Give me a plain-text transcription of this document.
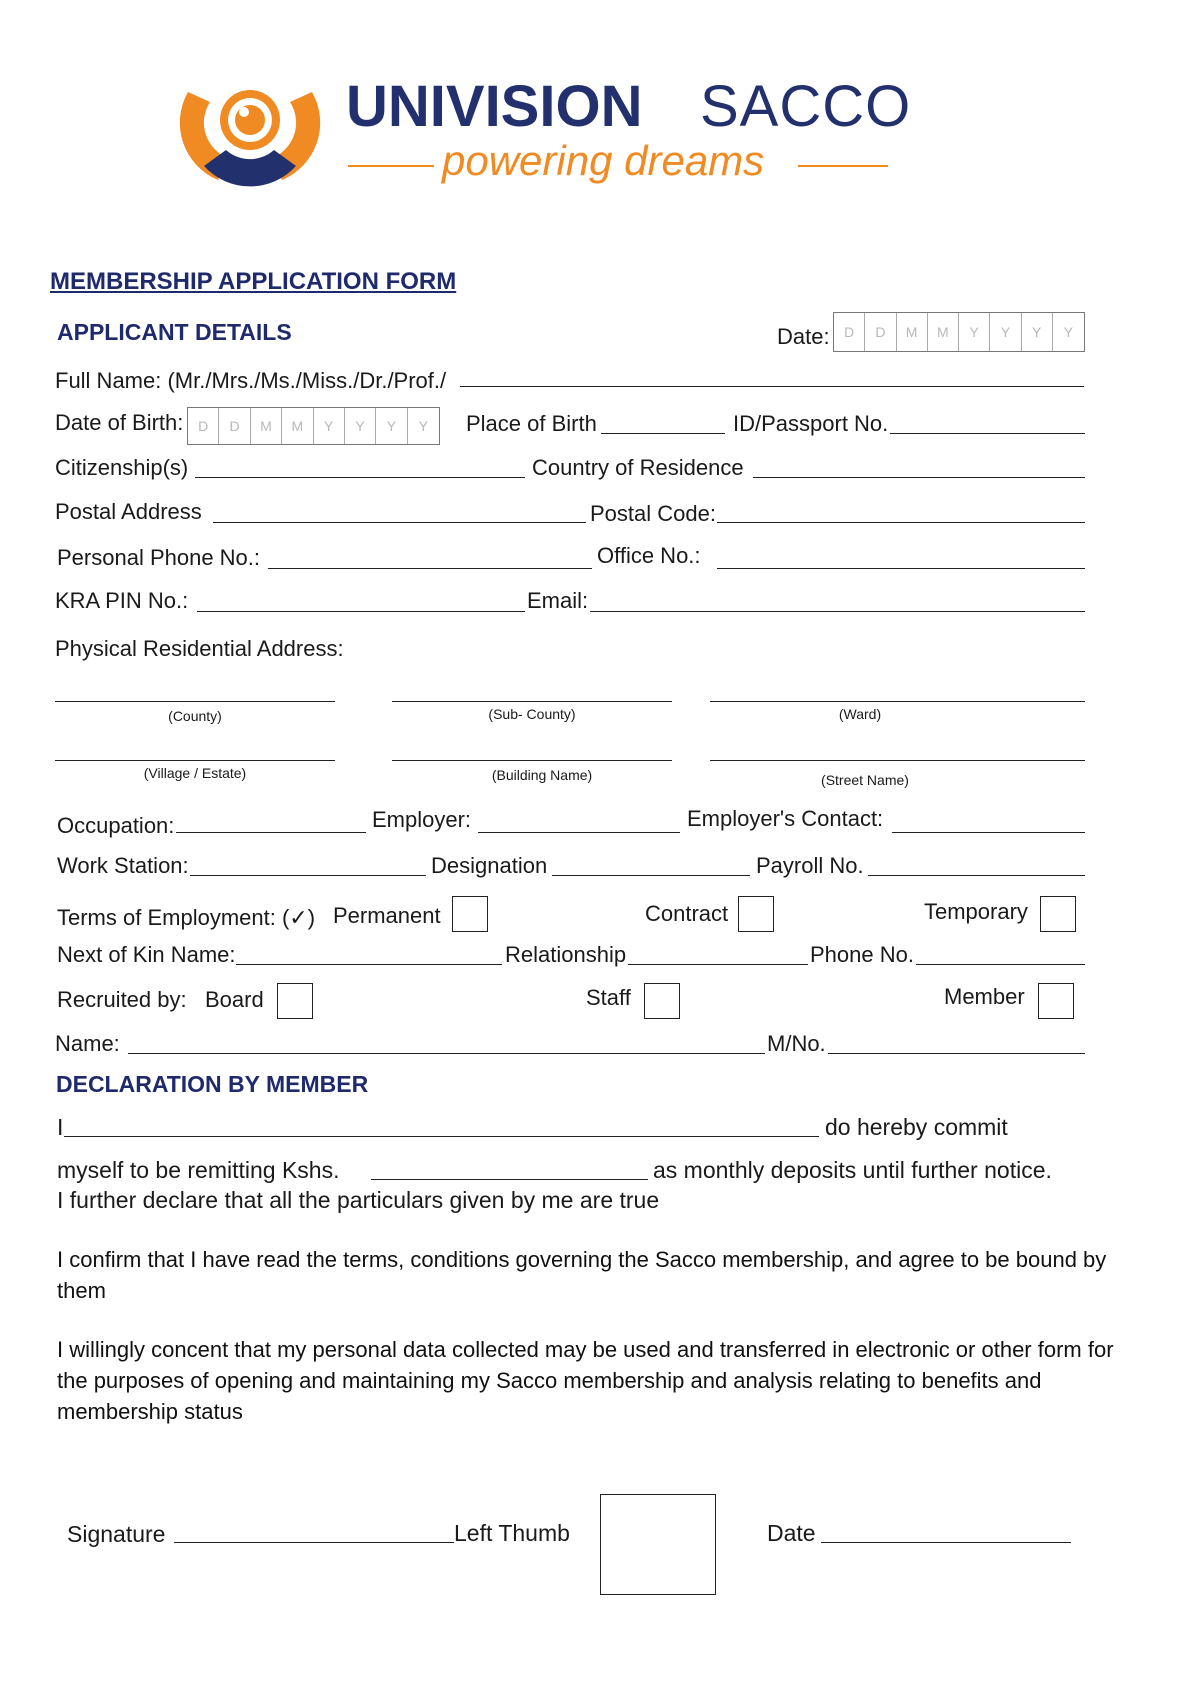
UNIVISION SACCO
powering dreams
MEMBERSHIP APPLICATION FORM
APPLICANT DETAILS	Date:	D	D	M	M	Y	Y	Y	Y
Full Name: (Mr./Mrs./Ms./Miss./Dr./Prof./
Date of Birth:	D	D	M	M	Y	Y	Y	Y	Place of Birth	ID/Passport No.
Citizenship(s)	Country of Residence
Postal Address	Postal Code:
Personal Phone No.:	Office No.:
KRA PIN No.:	Email:
Physical Residential Address:
(County)	(Sub- County)	(Ward)
(Village / Estate)	(Building Name)	(Street Name)
Occupation:	Employer:	Employer's Contact:
Work Station:	Designation	Payroll No.
Terms of Employment: (✓) Permanent	Contract	Temporary
Next of Kin Name:	Relationship	Phone No.
Recruited by: Board	Staff	Member
Name:	M/No.
DECLARATION BY MEMBER
I	do hereby commit
myself to be remitting Kshs.	as monthly deposits until further notice.
I further declare that all the particulars given by me are true
I confirm that I have read the terms, conditions governing the Sacco membership, and agree to be bound by them
I willingly concent that my personal data collected may be used and transferred in electronic or other form for the purposes of opening and maintaining my Sacco membership and analysis relating to benefits and membership status
Signature	Left Thumb	Date
